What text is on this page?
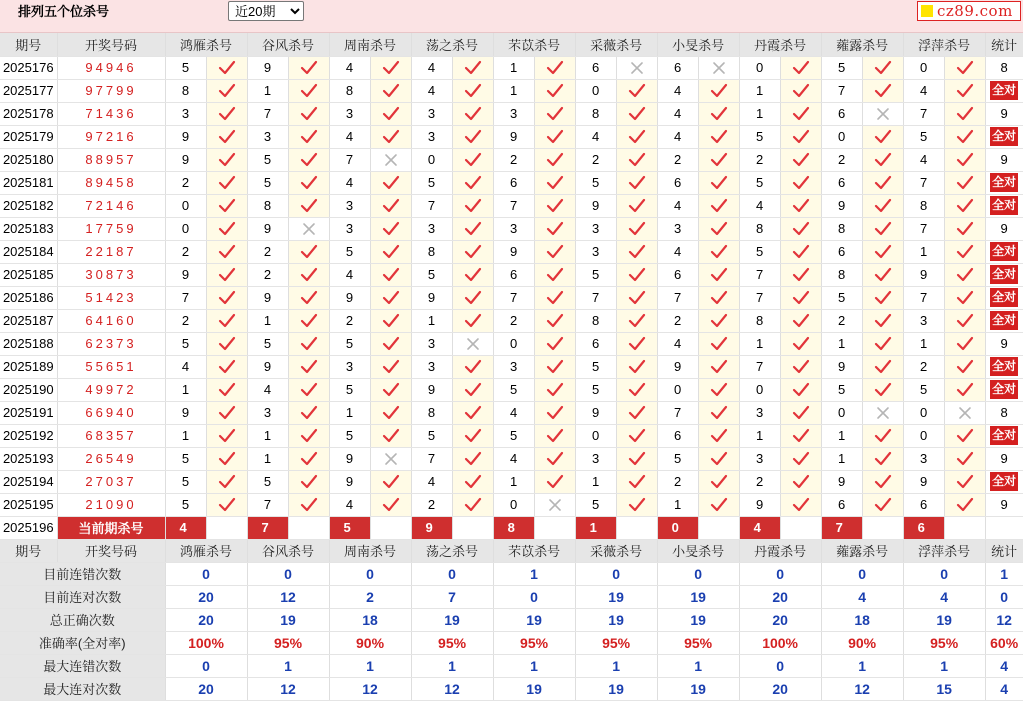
排列五个位杀号
近20期	cz89.com
期号	开奖号码	鸿雁杀号		谷风杀号		周南杀号		荡之杀号		芣苡杀号		采薇杀号		小旻杀号		丹霞杀号		蕹露杀号		浮萍杀号		统计
2025176	94946	5		9		4		4		1		6		6		0		5		0		8
2025177	97799	8		1		8		4		1		0		4		1		7		4		全对
2025178	71436	3		7		3		3		3		8		4		1		6		7		9
2025179	97216	9		3		4		3		9		4		4		5		0		5		全对
2025180	88957	9		5		7		0		2		2		2		2		2		4		9
2025181	89458	2		5		4		5		6		5		6		5		6		7		全对
2025182	72146	0		8		3		7		7		9		4		4		9		8		全对
2025183	17759	0		9		3		3		3		3		3		8		8		7		9
2025184	22187	2		2		5		8		9		3		4		5		6		1		全对
2025185	30873	9		2		4		5		6		5		6		7		8		9		全对
2025186	51423	7		9		9		9		7		7		7		7		5		7		全对
2025187	64160	2		1		2		1		2		8		2		8		2		3		全对
2025188	62373	5		5		5		3		0		6		4		1		1		1		9
2025189	55651	4		9		3		3		3		5		9		7		9		2		全对
2025190	49972	1		4		5		9		5		5		0		0		5		5		全对
2025191	66940	9		3		1		8		4		9		7		3		0		0		8
2025192	68357	1		1		5		5		5		0		6		1		1		0		全对
2025193	26549	5		1		9		7		4		3		5		3		1		3		9
2025194	27037	5		5		9		4		1		1		2		2		9		9		全对
2025195	21090	5		7		4		2		0		5		1		9		6		6		9
2025196	当前期杀号	4		7		5		9		8		1		0		4		7		6		
期号	开奖号码	鸿雁杀号		谷风杀号		周南杀号		荡之杀号		芣苡杀号		采薇杀号		小旻杀号		丹霞杀号		蕹露杀号		浮萍杀号		统计
目前连错次数		0		0		0		0		1		0		0		0		0		0		1
目前连对次数		20		12		2		7		0		19		19		20		4		4		0
总正确次数		20		19		18		19		19		19		19		20		18		19		12
准确率(全对率)		100%		95%		90%		95%		95%		95%		95%		100%		90%		95%		60%
最大连错次数		0		1		1		1		1		1		1		0		1		1		4
最大连对次数		20		12		12		12		19		19		19		20		12		15		4
